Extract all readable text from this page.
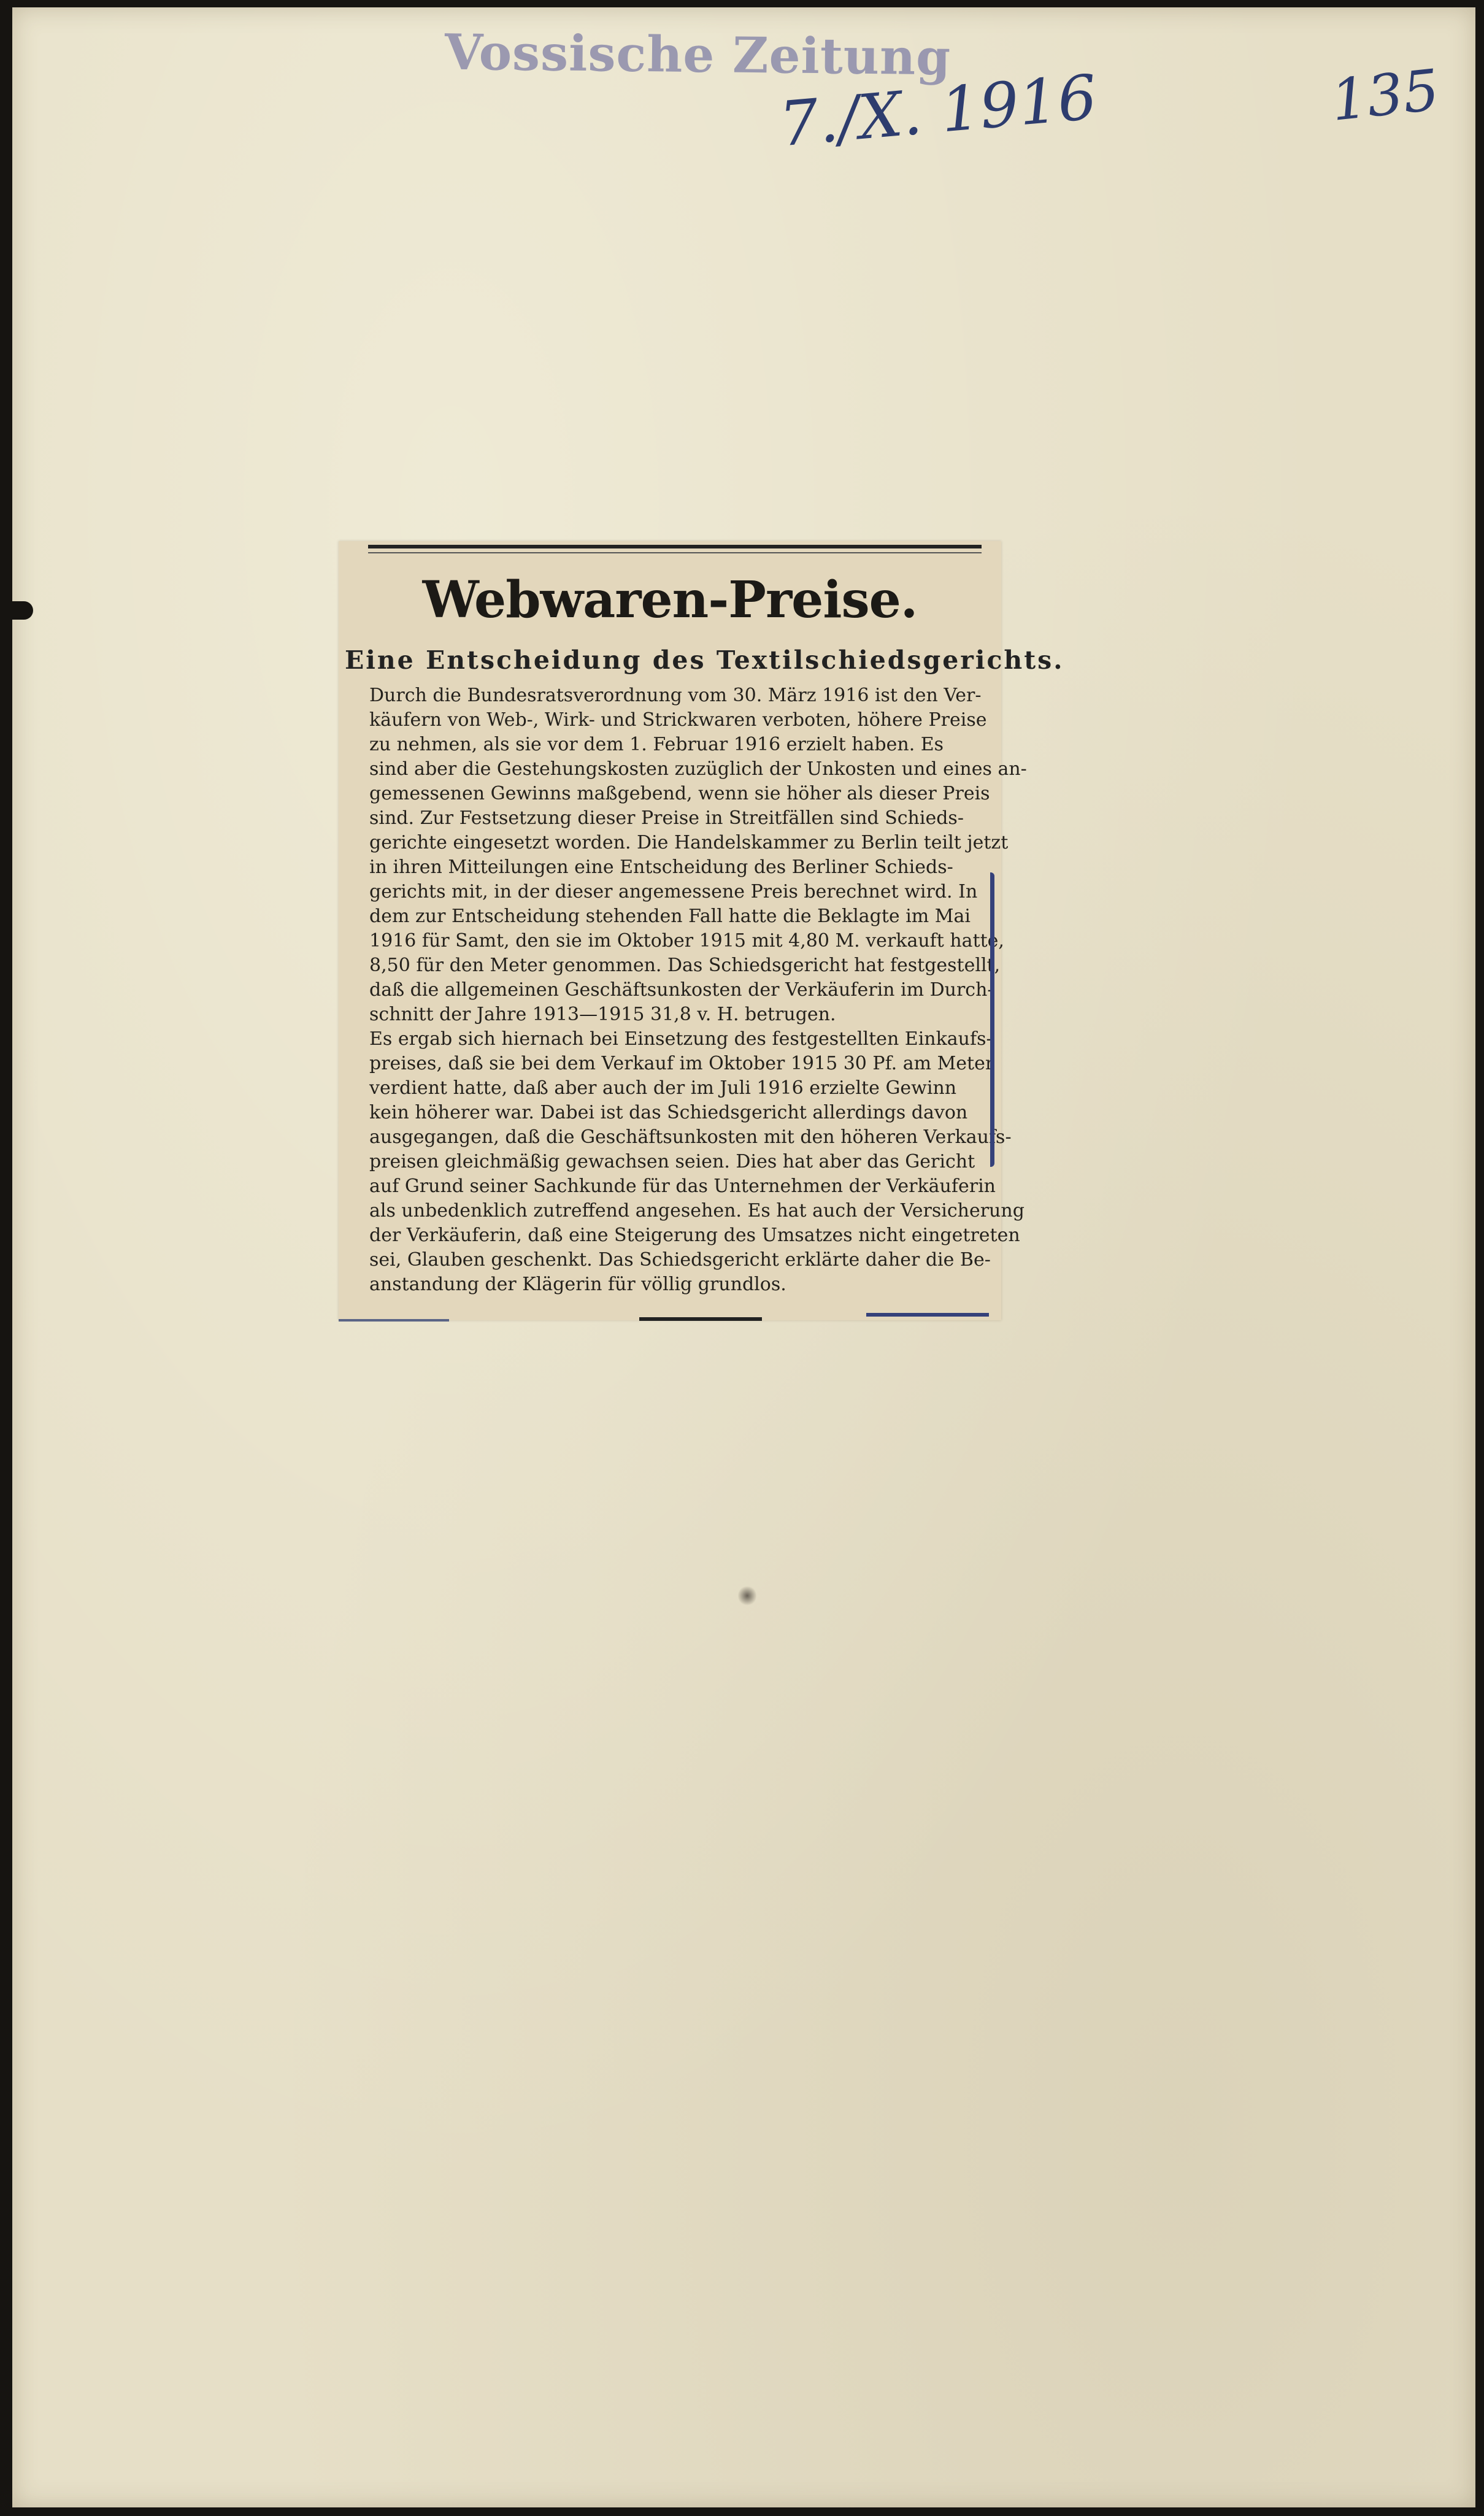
Vossische Zeitung

7./X. 1916	135

Webwaren-Preise.
Eine Entscheidung des Textilschiedsgerichts.
Durch die Bundesratsverordnung vom 30. März 1916 ist den Ver-
käufern von Web-, Wirk- und Strickwaren verboten, höhere Preise
zu nehmen, als sie vor dem 1. Februar 1916 erzielt haben. Es
sind aber die Gestehungskosten zuzüglich der Unkosten und eines an-
gemessenen Gewinns maßgebend, wenn sie höher als dieser Preis
sind. Zur Festsetzung dieser Preise in Streitfällen sind Schieds-
gerichte eingesetzt worden. Die Handelskammer zu Berlin teilt jetzt
in ihren Mitteilungen eine Entscheidung des Berliner Schieds-
gerichts mit, in der dieser angemessene Preis berechnet wird. In
dem zur Entscheidung stehenden Fall hatte die Beklagte im Mai
1916 für Samt, den sie im Oktober 1915 mit 4,80 M. verkauft hatte,
8,50 für den Meter genommen. Das Schiedsgericht hat festgestellt,
daß die allgemeinen Geschäftsunkosten der Verkäuferin im Durch-
schnitt der Jahre 1913—1915 31,8 v. H. betrugen.
Es ergab sich hiernach bei Einsetzung des festgestellten Einkaufs-
preises, daß sie bei dem Verkauf im Oktober 1915 30 Pf. am Meter
verdient hatte, daß aber auch der im Juli 1916 erzielte Gewinn
kein höherer war. Dabei ist das Schiedsgericht allerdings davon
ausgegangen, daß die Geschäftsunkosten mit den höheren Verkaufs-
preisen gleichmäßig gewachsen seien. Dies hat aber das Gericht
auf Grund seiner Sachkunde für das Unternehmen der Verkäuferin
als unbedenklich zutreffend angesehen. Es hat auch der Versicherung
der Verkäuferin, daß eine Steigerung des Umsatzes nicht eingetreten
sei, Glauben geschenkt. Das Schiedsgericht erklärte daher die Be-
anstandung der Klägerin für völlig grundlos.
